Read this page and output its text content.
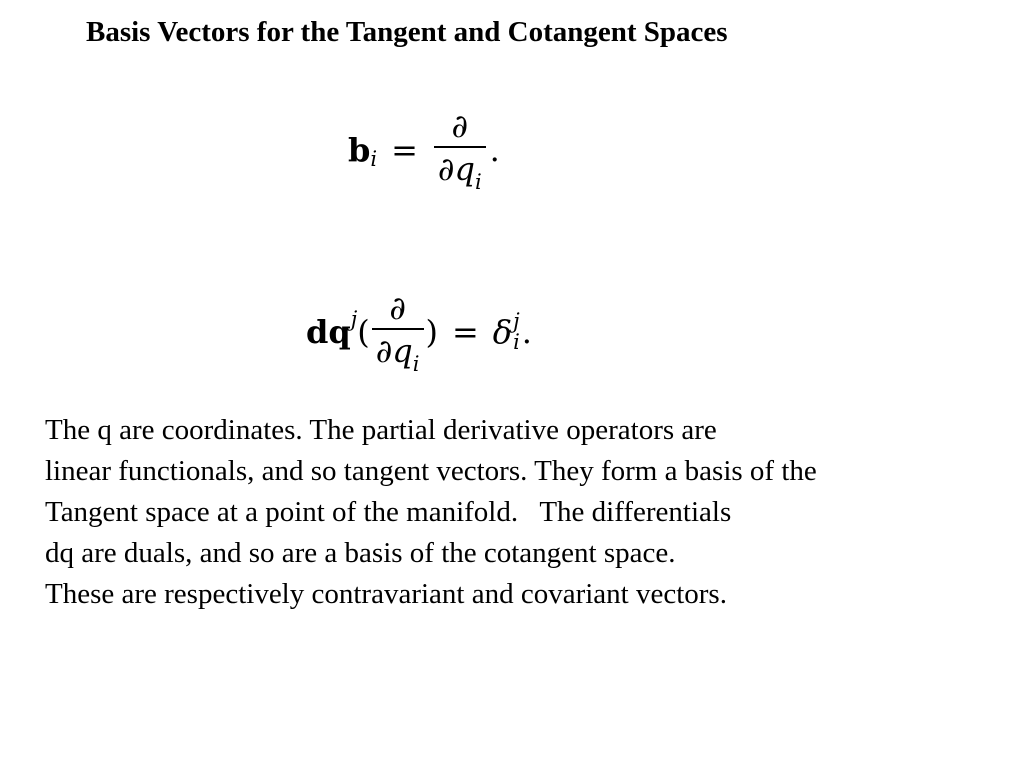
Basis Vectors for the Tangent and Cotangent Spaces
b $i = \frac{\partial}{\partial q_i}$ .
dq j ( $\frac{\partial}{\partial q_i}$ ) = δ j
i .
The q are coordinates. The partial derivative operators are
linear functionals, and so tangent vectors. They form a basis of the
Tangent space at a point of the manifold.   The differentials
dq are duals, and so are a basis of the cotangent space.
These are respectively contravariant and covariant vectors.
